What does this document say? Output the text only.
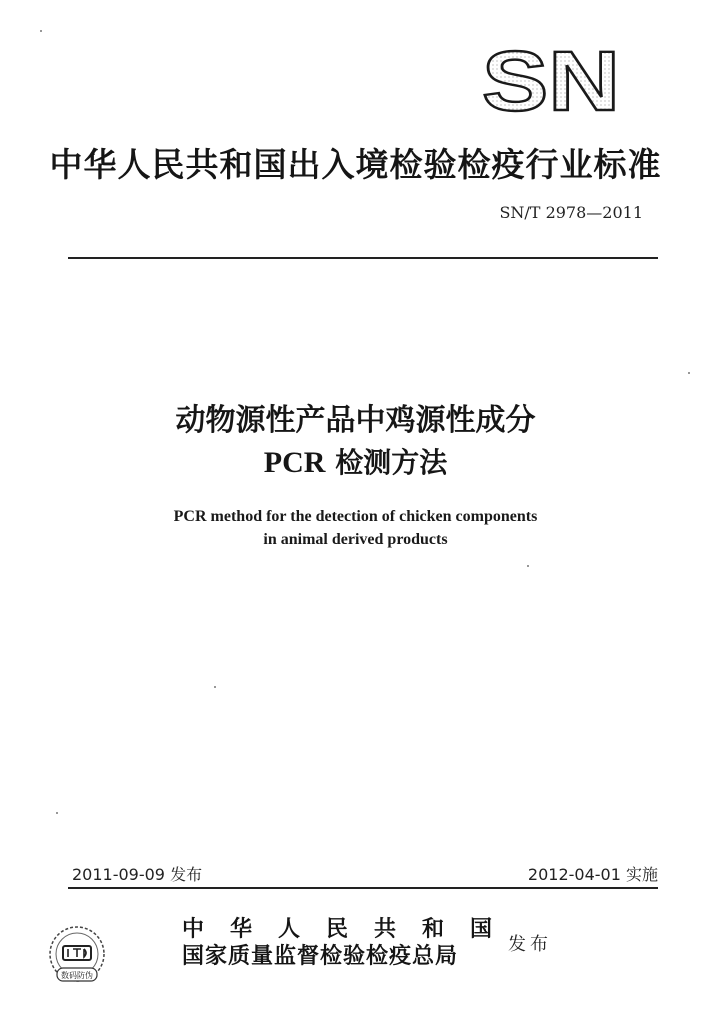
SN
中华人民共和国出入境检验检疫行业标准
SN/T 2978—2011
动物源性产品中鸡源性成分
PCR 检测方法
PCR method for the detection of chicken components
in animal derived products
2011-09-09 发布	2012-04-01 实施
数码防伪
中华人民共和国
国家质量监督检验检疫总局	发布
